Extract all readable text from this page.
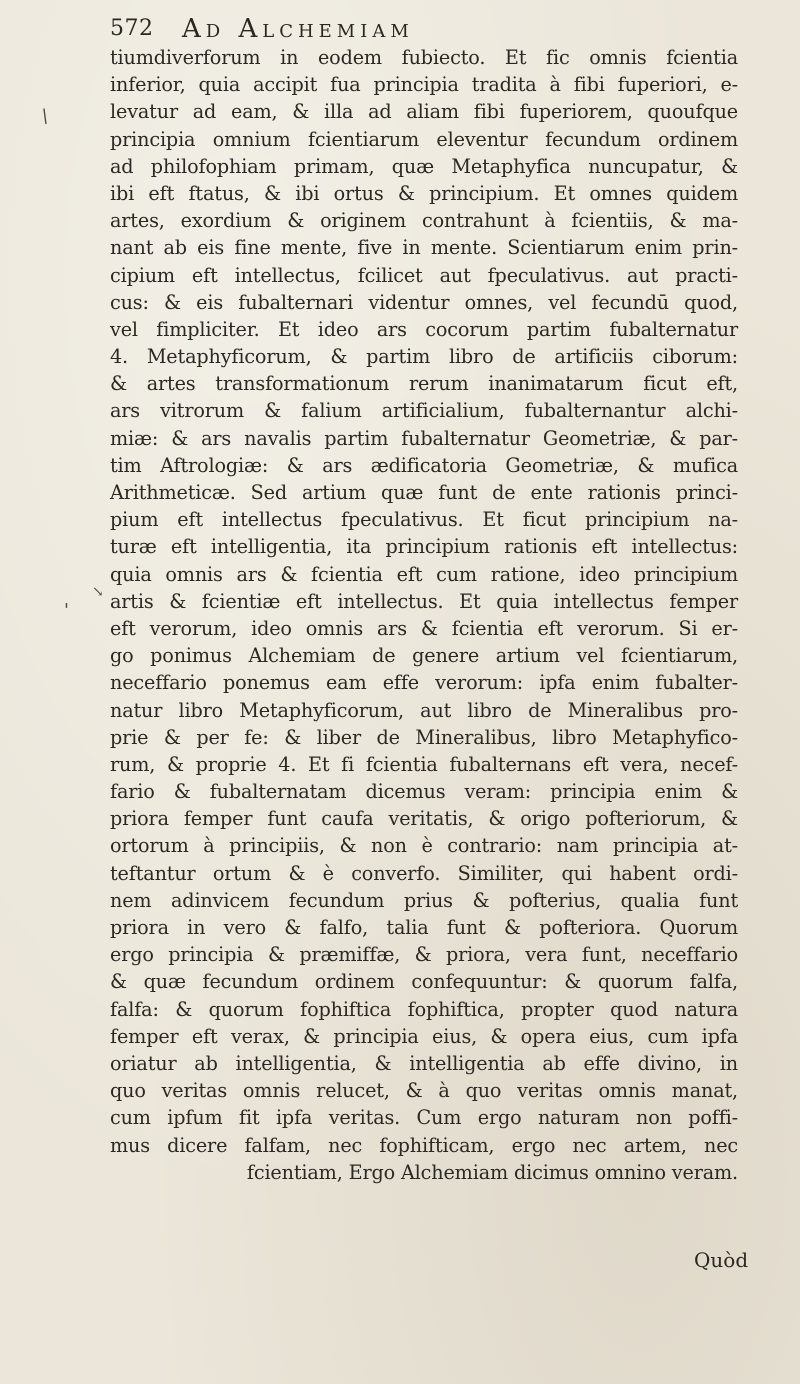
572 Ad Alchemiam
/
'
↘
tiumdiverforum in eodem fubiecto. Et fic omnis fcientia
inferior, quia accipit fua principia tradita à fibi fuperiori, e-
levatur ad eam, & illa ad aliam fibi fuperiorem, quoufque
principia omnium fcientiarum eleventur fecundum ordinem
ad philofophiam primam, quæ Metaphyfica nuncupatur, &
ibi eft ftatus, & ibi ortus & principium. Et omnes quidem
artes, exordium & originem contrahunt à fcientiis, & ma-
nant ab eis fine mente, five in mente. Scientiarum enim prin-
cipium eft intellectus, fcilicet aut fpeculativus. aut practi-
cus: & eis fubalternari videntur omnes, vel fecundū quod,
vel fimpliciter. Et ideo ars cocorum partim fubalternatur
4. Metaphyficorum, & partim libro de artificiis ciborum:
& artes transformationum rerum inanimatarum ficut eft,
ars vitrorum & falium artificialium, fubalternantur alchi-
miæ: & ars navalis partim fubalternatur Geometriæ, & par-
tim Aftrologiæ: & ars ædificatoria Geometriæ, & mufica
Arithmeticæ. Sed artium quæ funt de ente rationis princi-
pium eft intellectus fpeculativus. Et ficut principium na-
turæ eft intelligentia, ita principium rationis eft intellectus:
quia omnis ars & fcientia eft cum ratione, ideo principium
artis & fcientiæ eft intellectus. Et quia intellectus femper
eft verorum, ideo omnis ars & fcientia eft verorum. Si er-
go ponimus Alchemiam de genere artium vel fcientiarum,
neceffario ponemus eam effe verorum: ipfa enim fubalter-
natur libro Metaphyficorum, aut libro de Mineralibus pro-
prie & per fe: & liber de Mineralibus, libro Metaphyfico-
rum, & proprie 4. Et fi fcientia fubalternans eft vera, necef-
fario & fubalternatam dicemus veram: principia enim &
priora femper funt caufa veritatis, & origo pofteriorum, &
ortorum à principiis, & non è contrario: nam principia at-
teftantur ortum & è converfo. Similiter, qui habent ordi-
nem adinvicem fecundum prius & pofterius, qualia funt
priora in vero & falfo, talia funt & pofteriora. Quorum
ergo principia & præmiffæ, & priora, vera funt, neceffario
& quæ fecundum ordinem confequuntur: & quorum falfa,
falfa: & quorum fophiftica fophiftica, propter quod natura
femper eft verax, & principia eius, & opera eius, cum ipfa
oriatur ab intelligentia, & intelligentia ab effe divino, in
quo veritas omnis relucet, & à quo veritas omnis manat,
cum ipfum fit ipfa veritas. Cum ergo naturam non poffi-
mus dicere falfam, nec fophifticam, ergo nec artem, nec
fcientiam, Ergo Alchemiam dicimus omnino veram.
Quòd
